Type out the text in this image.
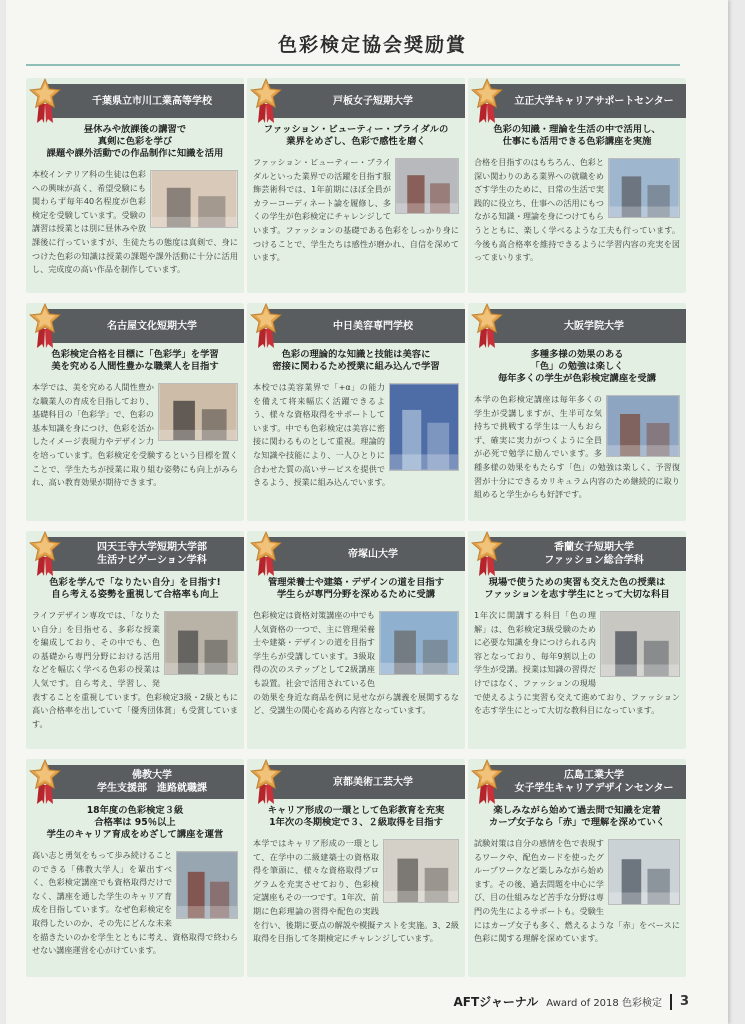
色彩検定協会奨励賞
千葉県立市川工業高等学校
昼休みや放課後の講習で
真剣に色彩を学び
課題や課外活動での作品制作に知識を活用
本校インテリア科の生徒は色彩への興味が高く、希望受験にも関わらず毎年40名程度が色彩検定を受験しています。受験の講習は授業とは別に昼休みや放課後に行っていますが、生徒たちの態度は真剣で、身につけた色彩の知識は授業の課題や課外活動に十分に活用し、完成度の高い作品を制作しています。
戸板女子短期大学
ファッション・ビューティー・ブライダルの
業界をめざし、色彩で感性を磨く
ファッション・ビューティー・ブライダルといった業界での活躍を目指す服飾芸術科では、1年前期にほぼ全員がカラーコーディネート論を履修し、多くの学生が色彩検定にチャレンジしています。ファッションの基礎である色彩をしっかり身につけることで、学生たちは感性が磨かれ、自信を深めています。
立正大学キャリアサポートセンター
色彩の知識・理論を生活の中で活用し、
仕事にも活用できる色彩講座を実施
合格を目指すのはもちろん、色彩と深い関わりのある業界への就職をめざす学生のために、日常の生活で実践的に役立ち、仕事への活用にもつながる知識・理論を身につけてもらうとともに、楽しく学べるような工夫も行っています。今後も高合格率を維持できるように学習内容の充実を図ってまいります。
名古屋文化短期大学
色彩検定合格を目標に「色彩学」を学習
美を究める人間性豊かな職業人を目指す
本学では、美を究める人間性豊かな職業人の育成を目指しており、基礎科目の「色彩学」で、色彩の基本知識を身につけ、色彩を活かしたイメージ表現力やデザイン力を培っています。色彩検定を受験するという目標を置くことで、学生たちが授業に取り組む姿勢にも向上がみられ、高い教育効果が期待できます。
中日美容専門学校
色彩の理論的な知識と技能は美容に
密接に関わるため授業に組み込んで学習
本校では美容業界で「+α」の能力を備えて将来幅広く活躍できるよう、様々な資格取得をサポートしています。中でも色彩検定は美容に密接に関わるものとして重視。理論的な知識や技能により、一人ひとりに合わせた質の高いサービスを提供できるよう、授業に組み込んでいます。
大阪学院大学
多種多様の効果のある
「色」の勉強は楽しく
毎年多くの学生が色彩検定講座を受講
本学の色彩検定講座は毎年多くの学生が受講しますが、生半可な気持ちで挑戦する学生は一人もおらず、確実に実力がつくように全員が必死で勉学に励んでいます。多種多様の効果をもたらす「色」の勉強は楽しく、予習復習が十分にできるカリキュラム内容のため継続的に取り組めると学生からも好評です。
四天王寺大学短期大学部
生活ナビゲーション学科
色彩を学んで「なりたい自分」を目指す!
自ら考える姿勢を重視して合格率も向上
ライフデザイン専攻では、「なりたい自分」を目指せる、多彩な授業を編成しており、その中でも、色の基礎から専門分野における活用などを幅広く学べる色彩の授業は人気です。自ら考え、学習し、発表することを重視しています。色彩検定3級・2級ともに高い合格率を出していて「優秀団体賞」も受賞しています。
帝塚山大学
管理栄養士や建築・デザインの道を目指す
学生らが専門分野を深めるために受講
色彩検定は資格対策講座の中でも人気資格の一つで、主に管理栄養士や建築・デザインの道を目指す学生らが受講しています。3級取得の次のステップとして2級講座も設置。社会で活用されている色の効果を身近な商品を例に見せながら講義を展開するなど、受講生の関心を高める内容となっています。
香蘭女子短期大学
ファッション総合学科
現場で使うための実習も交えた色の授業は
ファッションを志す学生にとって大切な科目
1年次に開講する科目「色の理解」は、色彩検定3級受験のために必要な知識を身につけられる内容となっており、毎年9割以上の学生が受講。授業は知識の習得だけではなく、ファッションの現場で使えるように実習も交えて進めており、ファッションを志す学生にとって大切な教科目になっています。
佛教大学
学生支援部　進路就職課
18年度の色彩検定３級
合格率は 95％以上
学生のキャリア育成をめざして講座を運営
高い志と勇気をもって歩み続けることのできる「佛教大学人」を輩出すべく、色彩検定講座でも資格取得だけでなく、講座を通した学生のキャリア育成を目指しています。なぜ色彩検定を取得したいのか、その先にどんな未来を描きたいのかを学生とともに考え、資格取得で終わらせない講座運営を心がけています。
京都美術工芸大学
キャリア形成の一環として色彩教育を充実
1年次の冬期検定で３、２級取得を目指す
本学ではキャリア形成の一環として、在学中の二級建築士の資格取得を筆頭に、様々な資格取得プログラムを充実させており、色彩検定講座もその一つです。1年次、前期に色彩理論の習得や配色の実践を行い、後期に要点の解説や模擬テストを実施。3、2級取得を目指して冬期検定にチャレンジしています。
広島工業大学
女子学生キャリアデザインセンター
楽しみながら始めて過去問で知識を定着
カープ女子なら「赤」で理解を深めていく
試験対策は自分の感情を色で表現するワークや、配色カードを使ったグループワークなど楽しみながら始めます。その後、過去問題を中心に学び、目の仕組みなど苦手な分野は専門の先生によるサポートも。受験生にはカープ女子も多く、燃えるような「赤」をベースに色彩に関する理解を深めています。
AFTジャーナル Award of 2018 色彩検定 3
